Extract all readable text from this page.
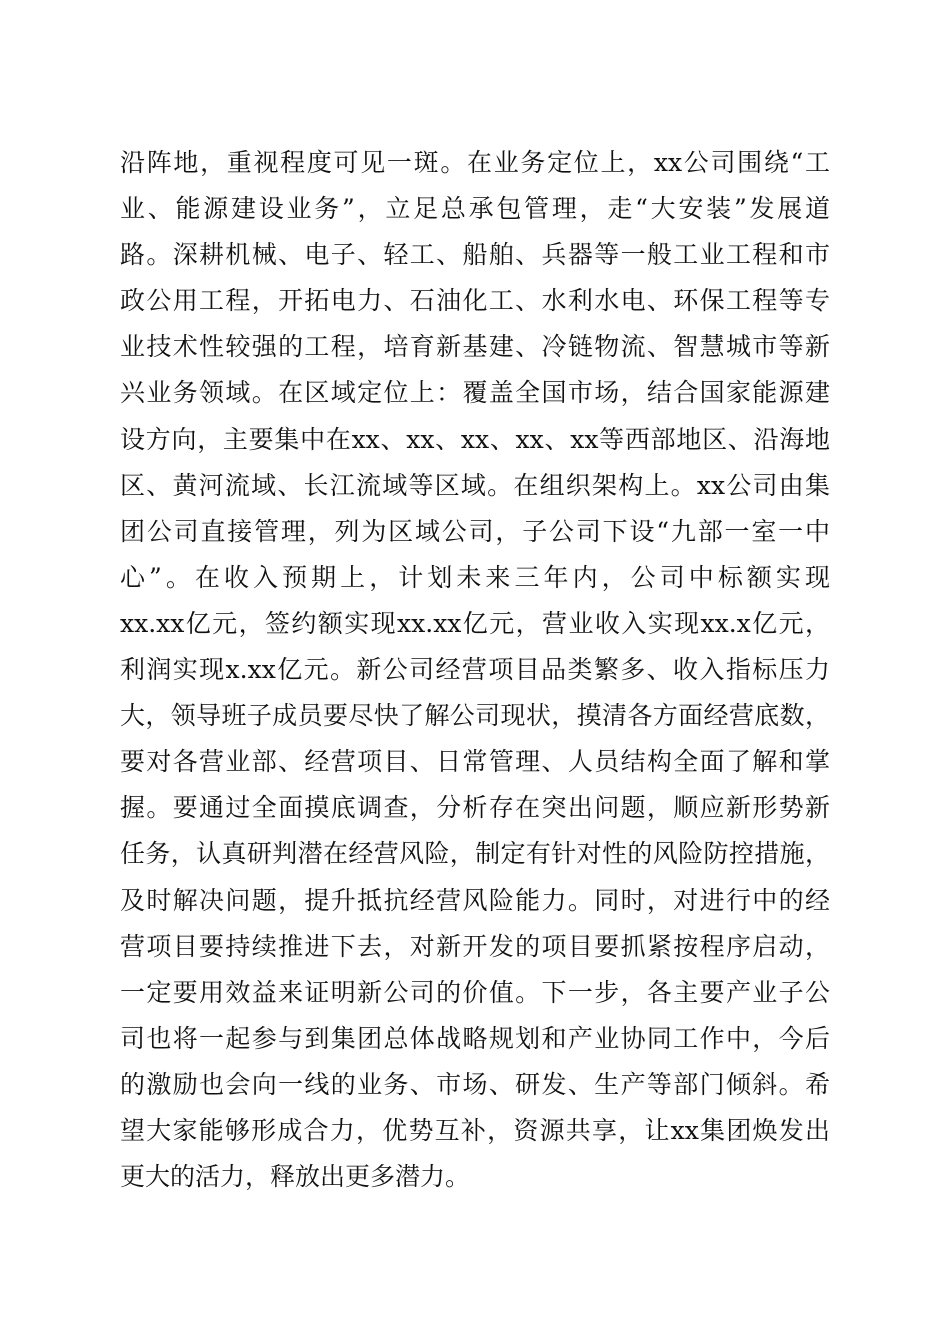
沿阵地，重视程度可见一斑。在业务定位上，xx公司围绕“工
业、能源建设业务”，立足总承包管理，走“大安装”发展道
路。深耕机械、电子、轻工、船舶、兵器等一般工业工程和市
政公用工程，开拓电力、石油化工、水利水电、环保工程等专
业技术性较强的工程，培育新基建、冷链物流、智慧城市等新
兴业务领域。在区域定位上：覆盖全国市场，结合国家能源建
设方向，主要集中在xx、xx、xx、xx、xx等西部地区、沿海地
区、黄河流域、长江流域等区域。在组织架构上。xx公司由集
团公司直接管理，列为区域公司，子公司下设“九部一室一中
心”。在收入预期上，计划未来三年内，公司中标额实现
xx.xx亿元，签约额实现xx.xx亿元，营业收入实现xx.x亿元，
利润实现x.xx亿元。新公司经营项目品类繁多、收入指标压力
大，领导班子成员要尽快了解公司现状，摸清各方面经营底数，
要对各营业部、经营项目、日常管理、人员结构全面了解和掌
握。要通过全面摸底调查，分析存在突出问题，顺应新形势新
任务，认真研判潜在经营风险，制定有针对性的风险防控措施，
及时解决问题，提升抵抗经营风险能力。同时，对进行中的经
营项目要持续推进下去，对新开发的项目要抓紧按程序启动，
一定要用效益来证明新公司的价值。下一步，各主要产业子公
司也将一起参与到集团总体战略规划和产业协同工作中，今后
的激励也会向一线的业务、市场、研发、生产等部门倾斜。希
望大家能够形成合力，优势互补，资源共享，让xx集团焕发出
更大的活力，释放出更多潜力。
